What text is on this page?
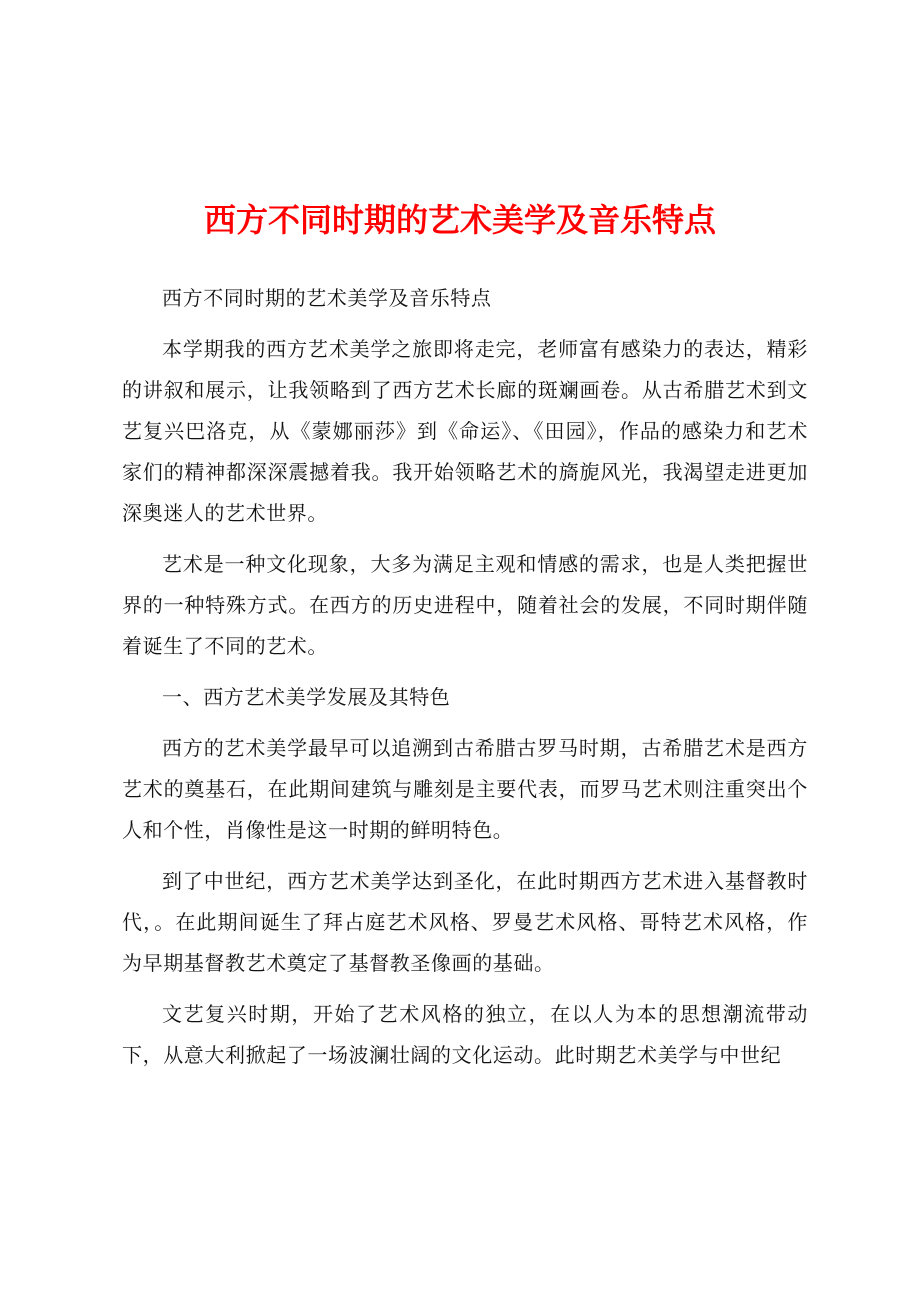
西方不同时期的艺术美学及音乐特点

西方不同时期的艺术美学及音乐特点

本学期我的西方艺术美学之旅即将走完，老师富有感染力的表达，精彩的讲叙和展示，让我领略到了西方艺术长廊的斑斓画卷。从古希腊艺术到文艺复兴巴洛克，从《蒙娜丽莎》到《命运》、《田园》，作品的感染力和艺术家们的精神都深深震撼着我。我开始领略艺术的旖旎风光，我渴望走进更加深奥迷人的艺术世界。

艺术是一种文化现象，大多为满足主观和情感的需求，也是人类把握世界的一种特殊方式。在西方的历史进程中，随着社会的发展，不同时期伴随着诞生了不同的艺术。

一、西方艺术美学发展及其特色

西方的艺术美学最早可以追溯到古希腊古罗马时期，古希腊艺术是西方艺术的奠基石，在此期间建筑与雕刻是主要代表，而罗马艺术则注重突出个人和个性，肖像性是这一时期的鲜明特色。

到了中世纪，西方艺术美学达到圣化，在此时期西方艺术进入基督教时代，。在此期间诞生了拜占庭艺术风格、罗曼艺术风格、哥特艺术风格，作为早期基督教艺术奠定了基督教圣像画的基础。

文艺复兴时期，开始了艺术风格的独立，在以人为本的思想潮流带动下，从意大利掀起了一场波澜壮阔的文化运动。此时期艺术美学与中世纪
